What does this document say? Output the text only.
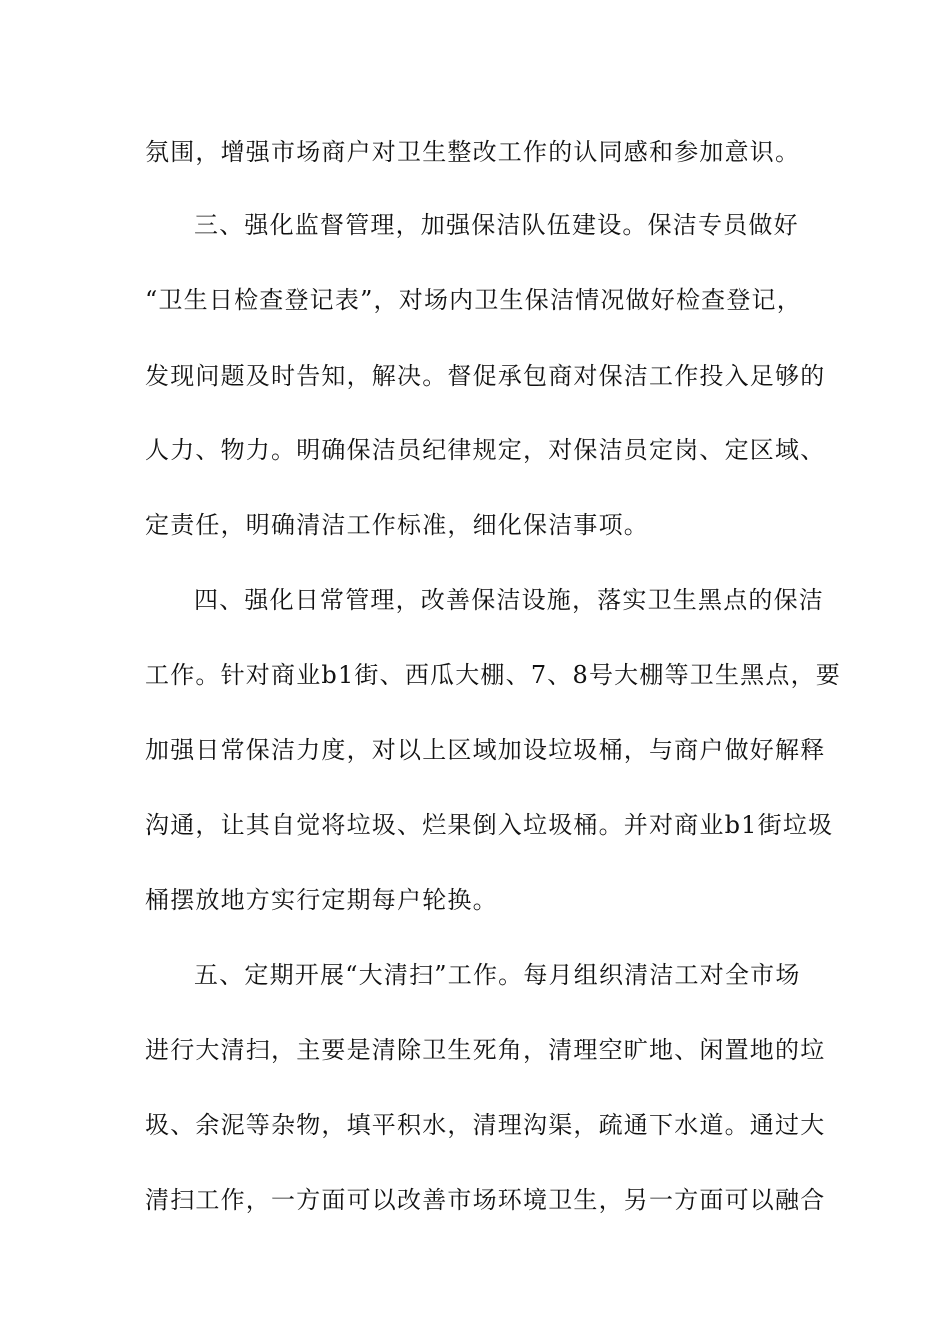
氛围，增强市场商户对卫生整改工作的认同感和参加意识。
三、强化监督管理，加强保洁队伍建设。保洁专员做好
“卫生日检查登记表”，对场内卫生保洁情况做好检查登记，
发现问题及时告知，解决。督促承包商对保洁工作投入足够的
人力、物力。明确保洁员纪律规定，对保洁员定岗、定区域、
定责任，明确清洁工作标准，细化保洁事项。
四、强化日常管理，改善保洁设施，落实卫生黑点的保洁
工作。针对商业b1街、西瓜大棚、7、8号大棚等卫生黑点，要
加强日常保洁力度，对以上区域加设垃圾桶，与商户做好解释
沟通，让其自觉将垃圾、烂果倒入垃圾桶。并对商业b1街垃圾
桶摆放地方实行定期每户轮换。
五、定期开展“大清扫”工作。每月组织清洁工对全市场
进行大清扫，主要是清除卫生死角，清理空旷地、闲置地的垃
圾、余泥等杂物，填平积水，清理沟渠，疏通下水道。通过大
清扫工作，一方面可以改善市场环境卫生，另一方面可以融合
